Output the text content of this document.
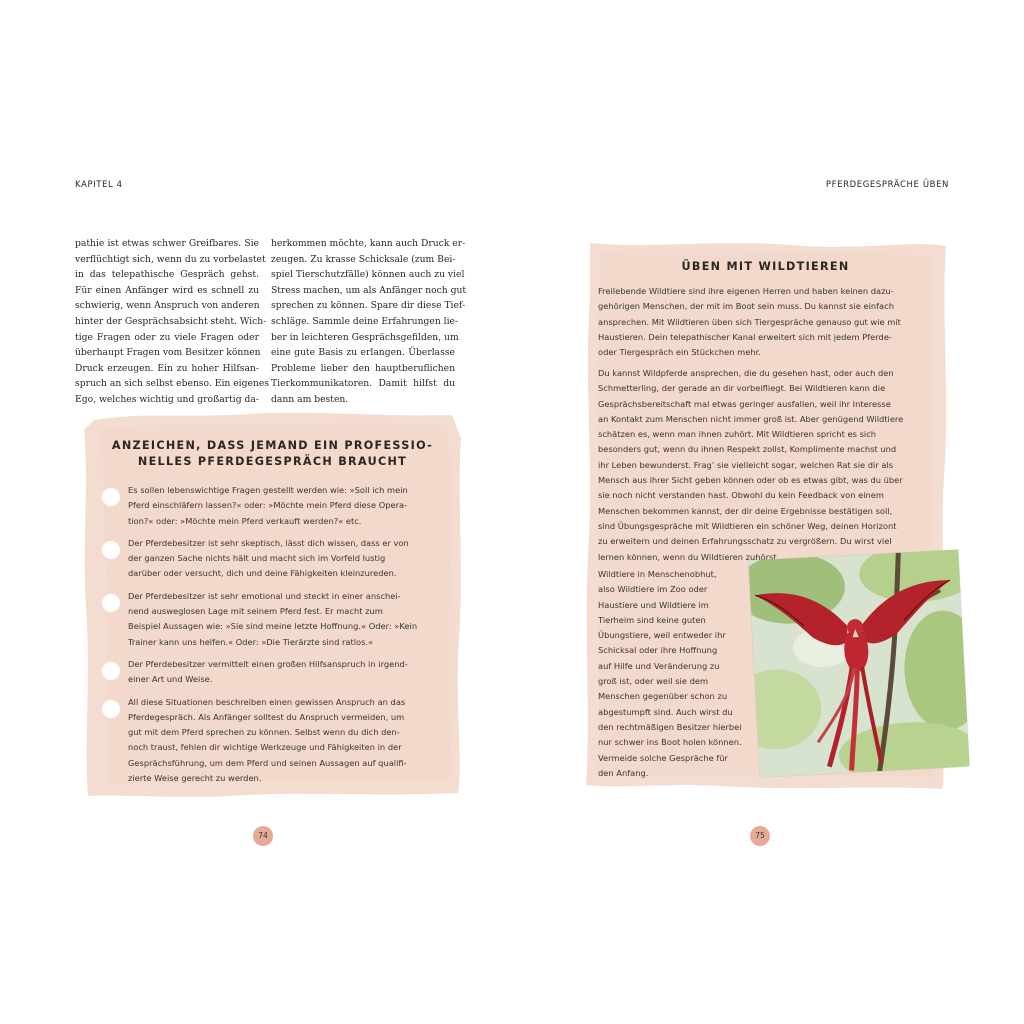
KAPITEL 4	PFERDEGESPRÄCHE ÜBEN
pathie ist etwas schwer Greifbares. Sie
verflüchtigt sich, wenn du zu vorbelastet
in das telepathische Gespräch gehst.
Für einen Anfänger wird es schnell zu
schwierig, wenn Anspruch von anderen
hinter der Gesprächsabsicht steht. Wich-
tige Fragen oder zu viele Fragen oder
überhaupt Fragen vom Besitzer können
Druck erzeugen. Ein zu hoher Hilfsan-
spruch an sich selbst ebenso. Ein eigenes
Ego, welches wichtig und großartig da-
herkommen möchte, kann auch Druck er-
zeugen. Zu krasse Schicksale (zum Bei-
spiel Tierschutzfälle) können auch zu viel
Stress machen, um als Anfänger noch gut
sprechen zu können. Spare dir diese Tief-
schläge. Sammle deine Erfahrungen lie-
ber in leichteren Gesprächsgefilden, um
eine gute Basis zu erlangen. Überlasse
Probleme lieber den hauptberuflichen
Tierkommunikatoren. Damit hilfst du
dann am besten.
ANZEICHEN, DASS JEMAND EIN PROFESSIO-
NELLES PFERDEGESPRÄCH BRAUCHT
Es sollen lebenswichtige Fragen gestellt werden wie: »Soll ich mein
Pferd einschläfern lassen?« oder: »Möchte mein Pferd diese Opera-
tion?« oder: »Möchte mein Pferd verkauft werden?« etc.
Der Pferdebesitzer ist sehr skeptisch, lässt dich wissen, dass er von
der ganzen Sache nichts hält und macht sich im Vorfeld lustig
darüber oder versucht, dich und deine Fähigkeiten kleinzureden.
Der Pferdebesitzer ist sehr emotional und steckt in einer anschei-
nend ausweglosen Lage mit seinem Pferd fest. Er macht zum
Beispiel Aussagen wie: »Sie sind meine letzte Hoffnung.« Oder: »Kein
Trainer kann uns helfen.« Oder: »Die Tierärzte sind ratlos.«
Der Pferdebesitzer vermittelt einen großen Hilfsanspruch in irgend-
einer Art und Weise.
All diese Situationen beschreiben einen gewissen Anspruch an das
Pferdegespräch. Als Anfänger solltest du Anspruch vermeiden, um
gut mit dem Pferd sprechen zu können. Selbst wenn du dich den-
noch traust, fehlen dir wichtige Werkzeuge und Fähigkeiten in der
Gesprächsführung, um dem Pferd und seinen Aussagen auf qualifi-
zierte Weise gerecht zu werden.
ÜBEN MIT WILDTIEREN
Freilebende Wildtiere sind ihre eigenen Herren und haben keinen dazu-
gehörigen Menschen, der mit im Boot sein muss. Du kannst sie einfach
ansprechen. Mit Wildtieren üben sich Tiergespräche genauso gut wie mit
Haustieren. Dein telepathischer Kanal erweitert sich mit jedem Pferde-
oder Tiergespräch ein Stückchen mehr.
Du kannst Wildpferde ansprechen, die du gesehen hast, oder auch den
Schmetterling, der gerade an dir vorbeifliegt. Bei Wildtieren kann die
Gesprächsbereitschaft mal etwas geringer ausfallen, weil ihr Interesse
an Kontakt zum Menschen nicht immer groß ist. Aber genügend Wildtiere
schätzen es, wenn man ihnen zuhört. Mit Wildtieren spricht es sich
besonders gut, wenn du ihnen Respekt zollst, Komplimente machst und
ihr Leben bewunderst. Frag’ sie vielleicht sogar, welchen Rat sie dir als
Mensch aus ihrer Sicht geben können oder ob es etwas gibt, was du über
sie noch nicht verstanden hast. Obwohl du kein Feedback von einem
Menschen bekommen kannst, der dir deine Ergebnisse bestätigen soll,
sind Übungsgespräche mit Wildtieren ein schöner Weg, deinen Horizont
zu erweitern und deinen Erfahrungsschatz zu vergrößern. Du wirst viel
lernen können, wenn du Wildtieren zuhörst.
Wildtiere in Menschenobhut,
also Wildtiere im Zoo oder
Haustiere und Wildtiere im
Tierheim sind keine guten
Übungstiere, weil entweder ihr
Schicksal oder ihre Hoffnung
auf Hilfe und Veränderung zu
groß ist, oder weil sie dem
Menschen gegenüber schon zu
abgestumpft sind. Auch wirst du
den rechtmäßigen Besitzer hierbei
nur schwer ins Boot holen können.
Vermeide solche Gespräche für
den Anfang.
74	75
